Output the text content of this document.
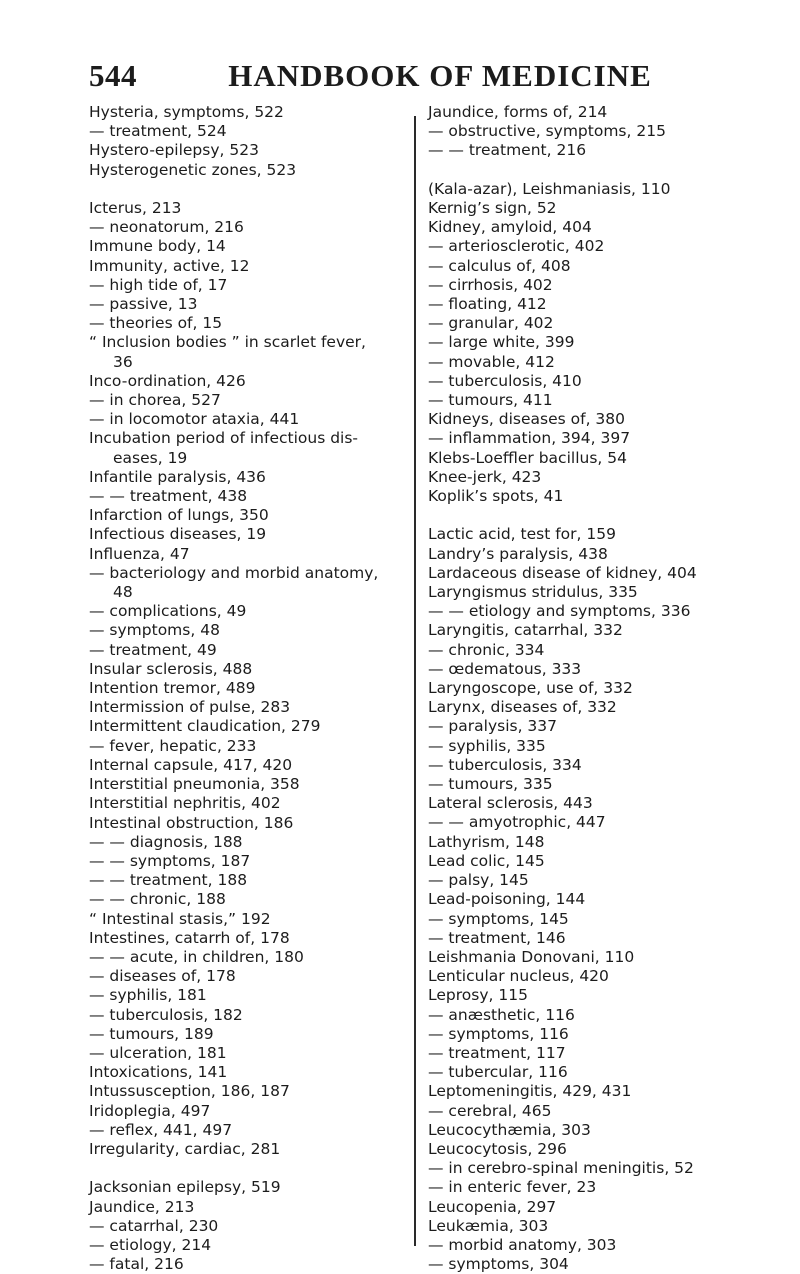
544	HANDBOOK OF MEDICINE
Hysteria, symptoms, 522
— treatment, 524
Hystero-epilepsy, 523
Hysterogenetic zones, 523
Icterus, 213
— neonatorum, 216
Immune body, 14
Immunity, active, 12
— high tide of, 17
— passive, 13
— theories of, 15
“ Inclusion bodies ” in scarlet fever,
36
Inco-ordination, 426
— in chorea, 527
— in locomotor ataxia, 441
Incubation period of infectious dis-
eases, 19
Infantile paralysis, 436
— — treatment, 438
Infarction of lungs, 350
Infectious diseases, 19
Influenza, 47
— bacteriology and morbid anatomy,
48
— complications, 49
— symptoms, 48
— treatment, 49
Insular sclerosis, 488
Intention tremor, 489
Intermission of pulse, 283
Intermittent claudication, 279
— fever, hepatic, 233
Internal capsule, 417, 420
Interstitial pneumonia, 358
Interstitial nephritis, 402
Intestinal obstruction, 186
— — diagnosis, 188
— — symptoms, 187
— — treatment, 188
— — chronic, 188
“ Intestinal stasis,” 192
Intestines, catarrh of, 178
— — acute, in children, 180
— diseases of, 178
— syphilis, 181
— tuberculosis, 182
— tumours, 189
— ulceration, 181
Intoxications, 141
Intussusception, 186, 187
Iridoplegia, 497
— reflex, 441, 497
Irregularity, cardiac, 281
Jacksonian epilepsy, 519
Jaundice, 213
— catarrhal, 230
— etiology, 214
— fatal, 216
Jaundice, forms of, 214
— obstructive, symptoms, 215
— — treatment, 216
(Kala-azar), Leishmaniasis, 110
Kernig’s sign, 52
Kidney, amyloid, 404
— arteriosclerotic, 402
— calculus of, 408
— cirrhosis, 402
— floating, 412
— granular, 402
— large white, 399
— movable, 412
— tuberculosis, 410
— tumours, 411
Kidneys, diseases of, 380
— inflammation, 394, 397
Klebs-Loeffler bacillus, 54
Knee-jerk, 423
Koplik’s spots, 41
Lactic acid, test for, 159
Landry’s paralysis, 438
Lardaceous disease of kidney, 404
Laryngismus stridulus, 335
— — etiology and symptoms, 336
Laryngitis, catarrhal, 332
— chronic, 334
— œdematous, 333
Laryngoscope, use of, 332
Larynx, diseases of, 332
— paralysis, 337
— syphilis, 335
— tuberculosis, 334
— tumours, 335
Lateral sclerosis, 443
— — amyotrophic, 447
Lathyrism, 148
Lead colic, 145
— palsy, 145
Lead-poisoning, 144
— symptoms, 145
— treatment, 146
Leishmania Donovani, 110
Lenticular nucleus, 420
Leprosy, 115
— anæsthetic, 116
— symptoms, 116
— treatment, 117
— tubercular, 116
Leptomeningitis, 429, 431
— cerebral, 465
Leucocythæmia, 303
Leucocytosis, 296
— in cerebro-spinal meningitis, 52
— in enteric fever, 23
Leucopenia, 297
Leukæmia, 303
— morbid anatomy, 303
— symptoms, 304
